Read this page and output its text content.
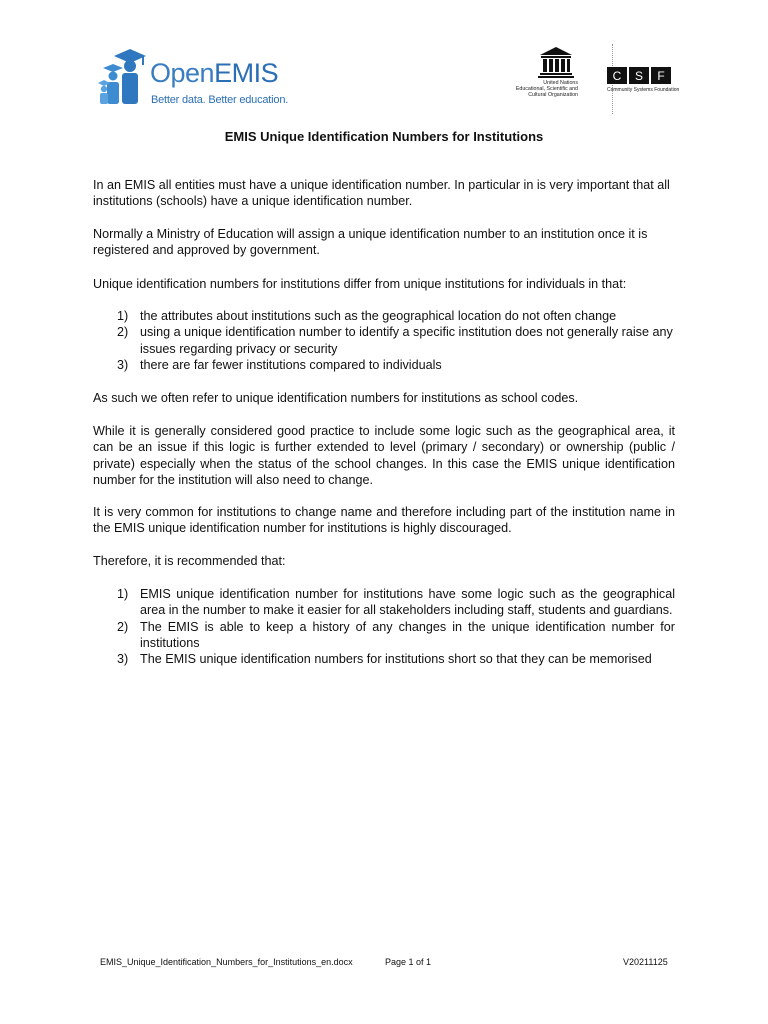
OpenEMIS
Better data. Better education.
United Nations
Educational, Scientific and
Cultural Organization
C	S	F
Community Systems Foundation
EMIS Unique Identification Numbers for Institutions

In an EMIS all entities must have a unique identification number. In particular in is very important that all institutions (schools) have a unique identification number.

Normally a Ministry of Education will assign a unique identification number to an institution once it is registered and approved by government.

Unique identification numbers for institutions differ from unique institutions for individuals in that:

1) the attributes about institutions such as the geographical location do not often change
2) using a unique identification number to identify a specific institution does not generally raise any issues regarding privacy or security
3) there are far fewer institutions compared to individuals

As such we often refer to unique identification numbers for institutions as school codes.

While it is generally considered good practice to include some logic such as the geographical area, it can be an issue if this logic is further extended to level (primary / secondary) or ownership (public / private) especially when the status of the school changes. In this case the EMIS unique identification number for the institution will also need to change.

It is very common for institutions to change name and therefore including part of the institution name in the EMIS unique identification number for institutions is highly discouraged.

Therefore, it is recommended that:

1) EMIS unique identification number for institutions have some logic such as the geographical area in the number to make it easier for all stakeholders including staff, students and guardians.
2) The EMIS is able to keep a history of any changes in the unique identification number for institutions
3) The EMIS unique identification numbers for institutions short so that they can be memorised
EMIS_Unique_Identification_Numbers_for_Institutions_en.docx	Page 1 of 1	V20211125
